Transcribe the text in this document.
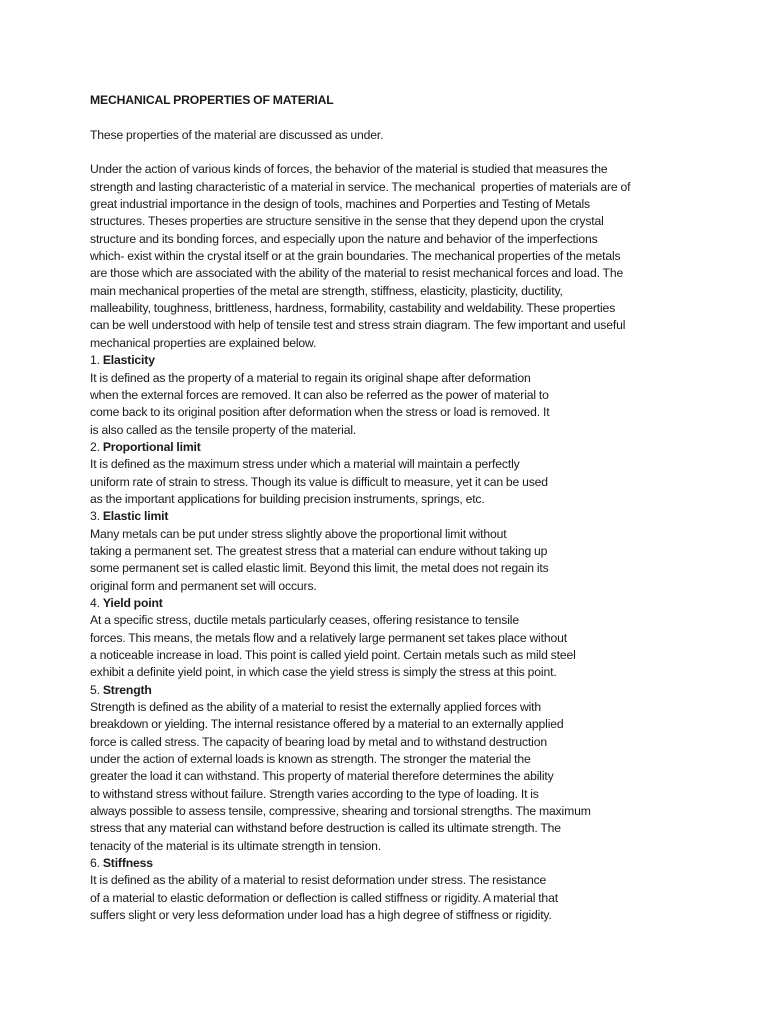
MECHANICAL PROPERTIES OF MATERIAL
These properties of the material are discussed as under.
Under the action of various kinds of forces, the behavior of the material is studied that measures the
strength and lasting characteristic of a material in service. The mechanical  properties of materials are of
great industrial importance in the design of tools, machines and Porperties and Testing of Metals
structures. Theses properties are structure sensitive in the sense that they depend upon the crystal
structure and its bonding forces, and especially upon the nature and behavior of the imperfections
which- exist within the crystal itself or at the grain boundaries. The mechanical properties of the metals
are those which are associated with the ability of the material to resist mechanical forces and load. The
main mechanical properties of the metal are strength, stiffness, elasticity, plasticity, ductility,
malleability, toughness, brittleness, hardness, formability, castability and weldability. These properties
can be well understood with help of tensile test and stress strain diagram. The few important and useful
mechanical properties are explained below.
1. Elasticity
It is defined as the property of a material to regain its original shape after deformation
when the external forces are removed. It can also be referred as the power of material to
come back to its original position after deformation when the stress or load is removed. It
is also called as the tensile property of the material.
2. Proportional limit
It is defined as the maximum stress under which a material will maintain a perfectly
uniform rate of strain to stress. Though its value is difficult to measure, yet it can be used
as the important applications for building precision instruments, springs, etc.
3. Elastic limit
Many metals can be put under stress slightly above the proportional limit without
taking a permanent set. The greatest stress that a material can endure without taking up
some permanent set is called elastic limit. Beyond this limit, the metal does not regain its
original form and permanent set will occurs.
4. Yield point
At a specific stress, ductile metals particularly ceases, offering resistance to tensile
forces. This means, the metals flow and a relatively large permanent set takes place without
a noticeable increase in load. This point is called yield point. Certain metals such as mild steel
exhibit a definite yield point, in which case the yield stress is simply the stress at this point.
5. Strength
Strength is defined as the ability of a material to resist the externally applied forces with
breakdown or yielding. The internal resistance offered by a material to an externally applied
force is called stress. The capacity of bearing load by metal and to withstand destruction
under the action of external loads is known as strength. The stronger the material the
greater the load it can withstand. This property of material therefore determines the ability
to withstand stress without failure. Strength varies according to the type of loading. It is
always possible to assess tensile, compressive, shearing and torsional strengths. The maximum
stress that any material can withstand before destruction is called its ultimate strength. The
tenacity of the material is its ultimate strength in tension.
6. Stiffness
It is defined as the ability of a material to resist deformation under stress. The resistance
of a material to elastic deformation or deflection is called stiffness or rigidity. A material that
suffers slight or very less deformation under load has a high degree of stiffness or rigidity.
